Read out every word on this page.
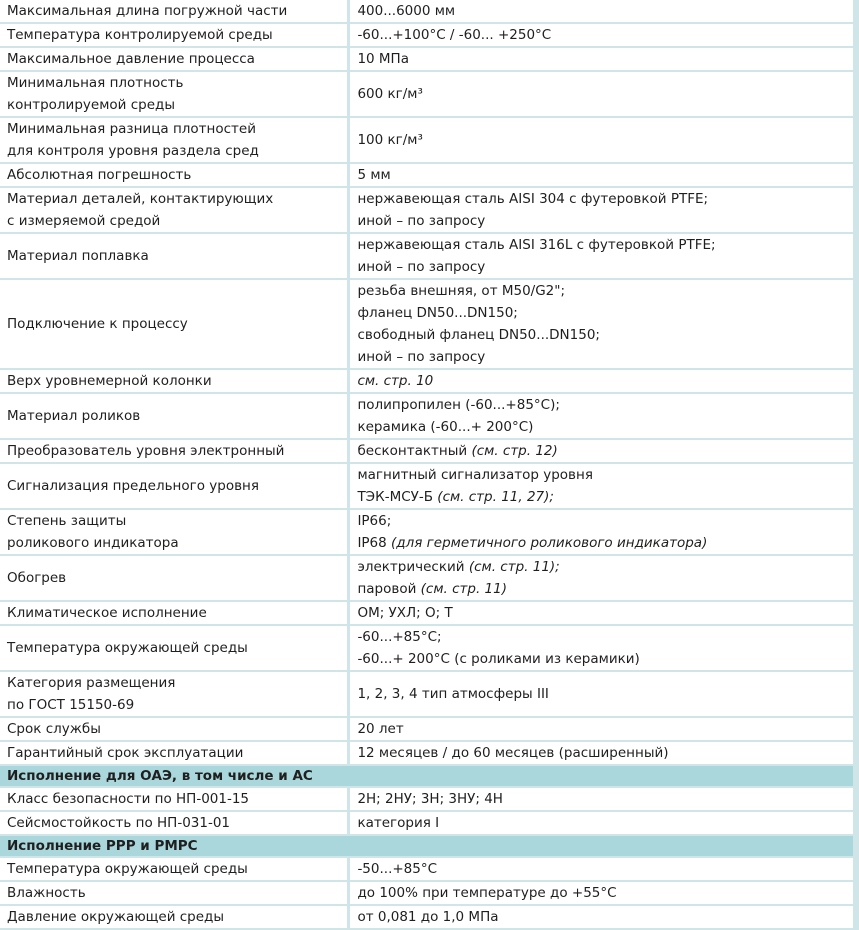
Максимальная длина погружной части	400...6000 мм

Температура контролируемой среды	-60...+100°С / -60... +250°С

Максимальное давление процесса	10 МПа

Минимальная плотность
контролируемой среды	600 кг/м³

Минимальная разница плотностей
для контроля уровня раздела сред	100 кг/м³

Абсолютная погрешность	5 мм

Материал деталей, контактирующих
с измеряемой средой	нержавеющая сталь AISI 304 с футеровкой PTFE;
иной – по запросу

Материал поплавка	нержавеющая сталь AISI 316L с футеровкой PTFE;
иной – по запросу

Подключение к процессу	резьба внешняя, от M50/G2";
фланец DN50...DN150;
свободный фланец DN50...DN150;
иной – по запросу

Верх уровнемерной колонки	см. стр. 10

Материал роликов	полипропилен (-60...+85°С);
керамика (-60...+ 200°С)

Преобразователь уровня электронный	бесконтактный (см. стр. 12)

Сигнализация предельного уровня	магнитный сигнализатор уровня
ТЭК-МСУ-Б (см. стр. 11, 27);

Степень защиты
роликового индикатора	IP66;
IP68 (для герметичного роликового индикатора)

Обогрев	электрический (см. стр. 11);
паровой (см. стр. 11)

Климатическое исполнение	ОМ; УХЛ; О; Т

Температура окружающей среды	-60...+85°С;
-60...+ 200°С (с роликами из керамики)

Категория размещения
по ГОСТ 15150-69	1, 2, 3, 4 тип атмосферы III

Срок службы	20 лет

Гарантийный срок эксплуатации	12 месяцев / до 60 месяцев (расширенный)

Исполнение для ОАЭ, в том числе и АС	

Класс безопасности по НП-001-15	2Н; 2НУ; 3Н; 3НУ; 4Н

Сейсмостойкость по НП-031-01	категория I

Исполнение РРР и РМРС	

Температура окружающей среды	-50...+85°С

Влажность	до 100% при температуре до +55°С

Давление окружающей среды	от 0,081 до 1,0 МПа
